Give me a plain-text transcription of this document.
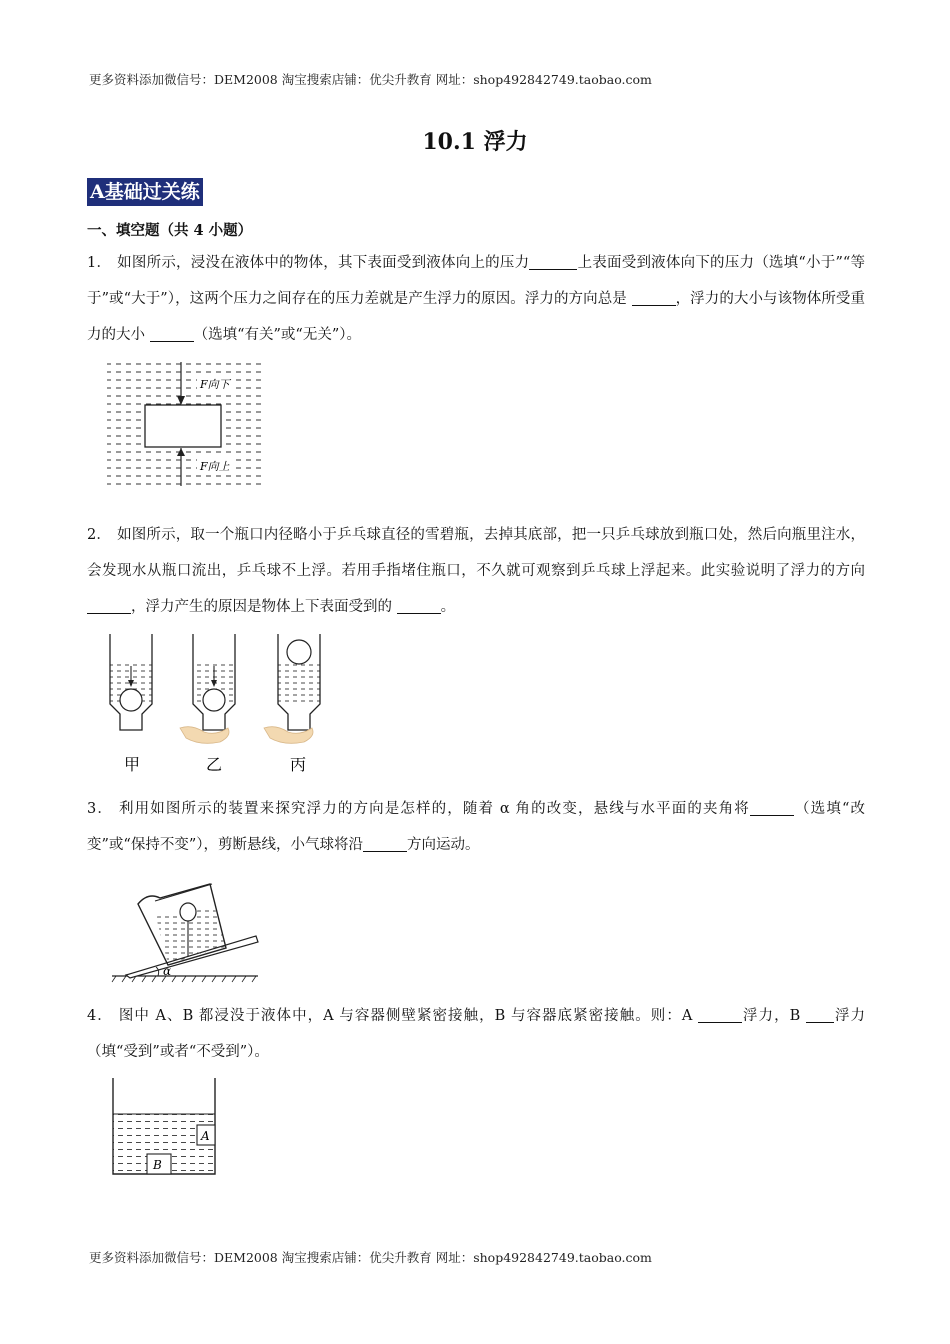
更多资料添加微信号：DEM2008 淘宝搜索店铺：优尖升教育 网址：shop492842749.taobao.com
10.1 浮力
A基础过关练
一、填空题（共 4 小题）
1． 如图所示，浸没在液体中的物体，其下表面受到液体向上的压力	上表面受到液体向下的压力（选填“小于”“等于”或“大于”），这两个压力之间存在的压力差就是产生浮力的原因。浮力的方向总是	，浮力的大小与该物体所受重力的大小	（选填“有关”或“无关”）。
F向下
F向上
2． 如图所示，取一个瓶口内径略小于乒乓球直径的雪碧瓶，去掉其底部，把一只乒乓球放到瓶口处，然后向瓶里注水，会发现水从瓶口流出，乒乓球不上浮。若用手指堵住瓶口，不久就可观察到乒乓球上浮起来。此实验说明了浮力的方向 ，浮力产生的原因是物体上下表面受到的	。
甲	乙	丙
3． 利用如图所示的装置来探究浮力的方向是怎样的，随着 α 角的改变，悬线与水平面的夹角将	（选填“改变”或“保持不变”），剪断悬线，小气球将沿	方向运动。
α
4． 图中 A、B 都浸没于液体中，A 与容器侧壁紧密接触，B 与容器底紧密接触。则：A	浮力，B 浮力（填“受到”或者“不受到”）。
A
B
更多资料添加微信号：DEM2008 淘宝搜索店铺：优尖升教育 网址：shop492842749.taobao.com
